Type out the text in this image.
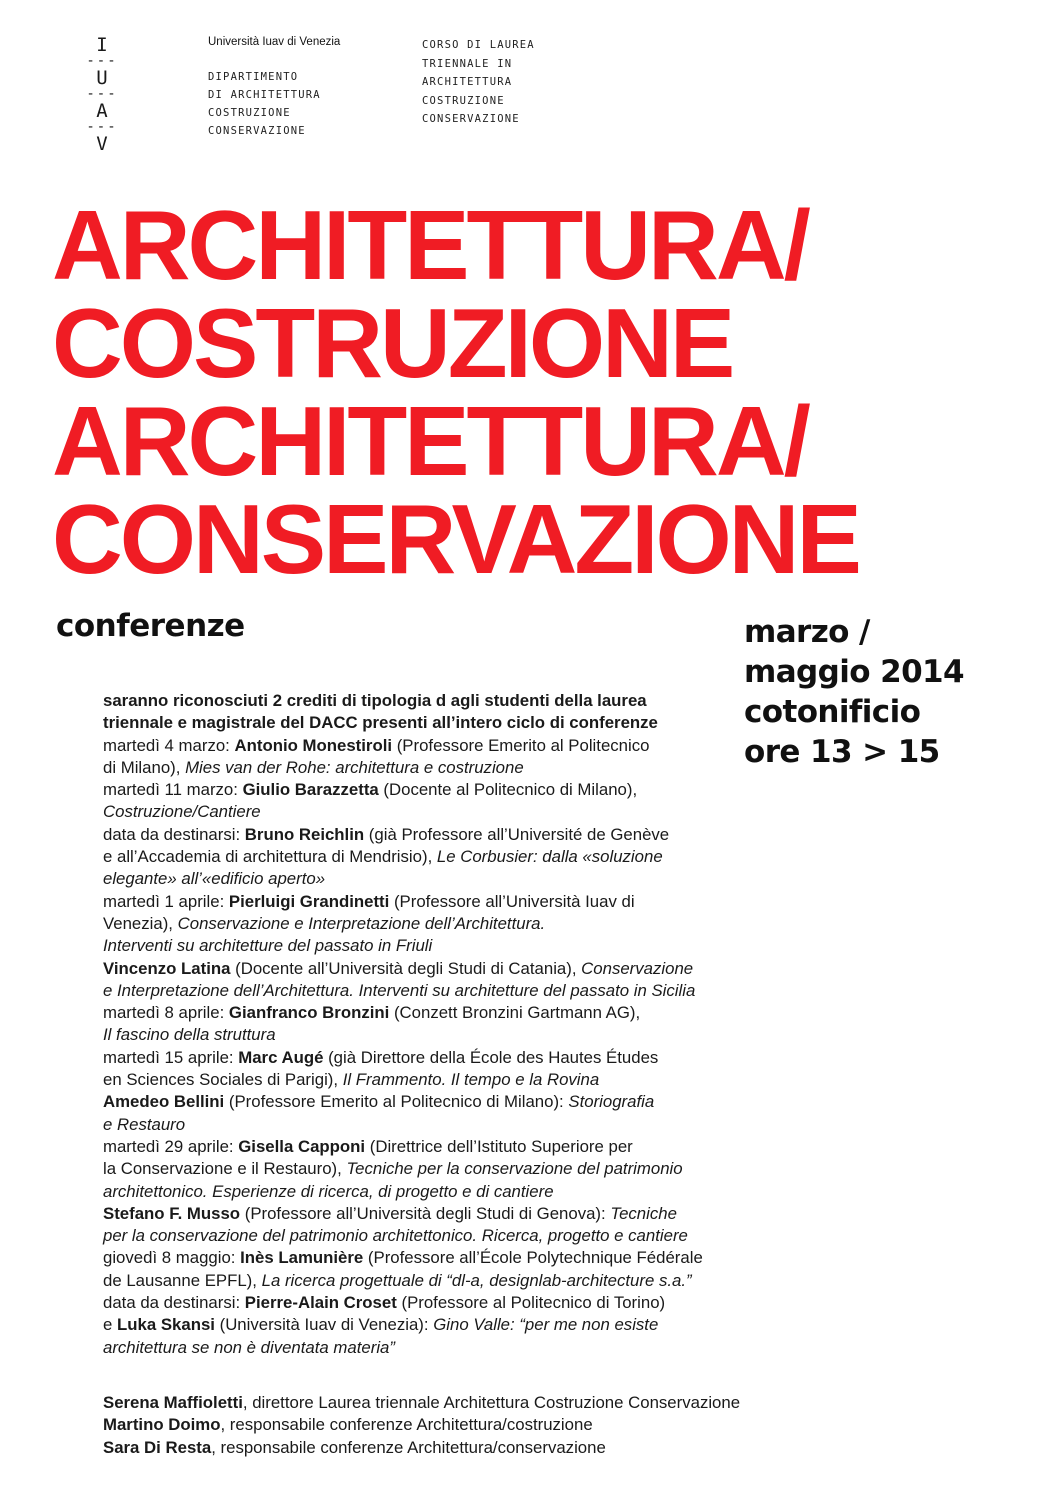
I
---
U
---
A
---
V
Università Iuav di Venezia
DIPARTIMENTO
DI ARCHITETTURA
COSTRUZIONE
CONSERVAZIONE
CORSO DI LAUREA
TRIENNALE IN
ARCHITETTURA
COSTRUZIONE
CONSERVAZIONE
ARCHITETTURA/
COSTRUZIONE
ARCHITETTURA/
CONSERVAZIONE
conferenze	marzo /
maggio 2014
cotonificio
ore 13 > 15
saranno riconosciuti 2 crediti di tipologia d agli studenti della laurea
triennale e magistrale del DACC presenti all’intero ciclo di conferenze
martedì 4 marzo: Antonio Monestiroli (Professore Emerito al Politecnico
di Milano), Mies van der Rohe: architettura e costruzione
martedì 11 marzo: Giulio Barazzetta (Docente al Politecnico di Milano),
Costruzione/Cantiere
data da destinarsi: Bruno Reichlin (già Professore all’Université de Genève
e all’Accademia di architettura di Mendrisio), Le Corbusier: dalla «soluzione
elegante» all’«edificio aperto»
martedì 1 aprile: Pierluigi Grandinetti (Professore all’Università Iuav di
Venezia), Conservazione e Interpretazione dell’Architettura.
Interventi su architetture del passato in Friuli
Vincenzo Latina (Docente all’Università degli Studi di Catania), Conservazione
e Interpretazione dell’Architettura. Interventi su architetture del passato in Sicilia
martedì 8 aprile: Gianfranco Bronzini (Conzett Bronzini Gartmann AG),
Il fascino della struttura
martedì 15 aprile: Marc Augé (già Direttore della École des Hautes Études
en Sciences Sociales di Parigi), Il Frammento. Il tempo e la Rovina
Amedeo Bellini (Professore Emerito al Politecnico di Milano): Storiografia
e Restauro
martedì 29 aprile: Gisella Capponi (Direttrice dell’Istituto Superiore per
la Conservazione e il Restauro), Tecniche per la conservazione del patrimonio
architettonico. Esperienze di ricerca, di progetto e di cantiere
Stefano F. Musso (Professore all’Università degli Studi di Genova): Tecniche
per la conservazione del patrimonio architettonico. Ricerca, progetto e cantiere
giovedì 8 maggio: Inès Lamunière (Professore all’École Polytechnique Fédérale
de Lausanne EPFL), La ricerca progettuale di “dl-a, designlab-architecture s.a.”
data da destinarsi: Pierre-Alain Croset (Professore al Politecnico di Torino)
e Luka Skansi (Università Iuav di Venezia): Gino Valle: “per me non esiste
architettura se non è diventata materia”
Serena Maffioletti, direttore Laurea triennale Architettura Costruzione Conservazione
Martino Doimo, responsabile conferenze Architettura/costruzione
Sara Di Resta, responsabile conferenze Architettura/conservazione
